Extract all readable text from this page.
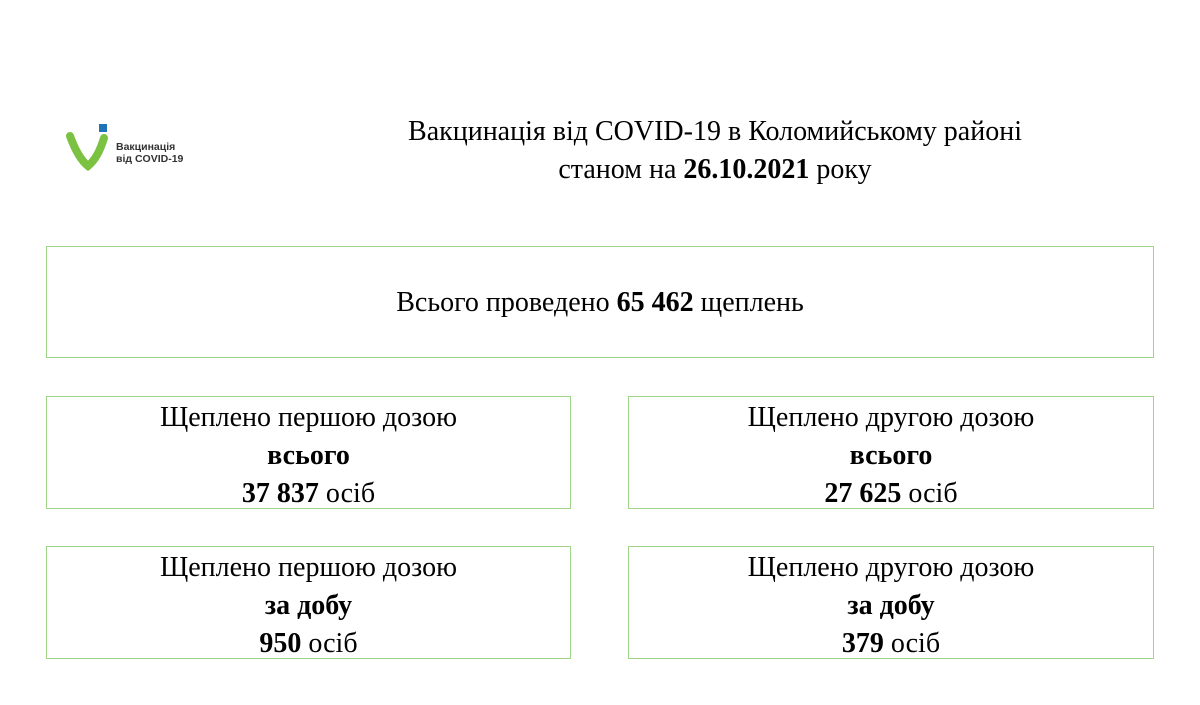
Вакцинація
від COVID-19
Вакцинація від COVID-19 в Коломийському районі
станом на 26.10.2021 року
Всього проведено 65 462 щеплень
Щеплено першою дозою
всього
37 837 осіб
Щеплено другою дозою
всього
27 625 осіб
Щеплено першою дозою
за добу
950 осіб
Щеплено другою дозою
за добу
379 осіб
